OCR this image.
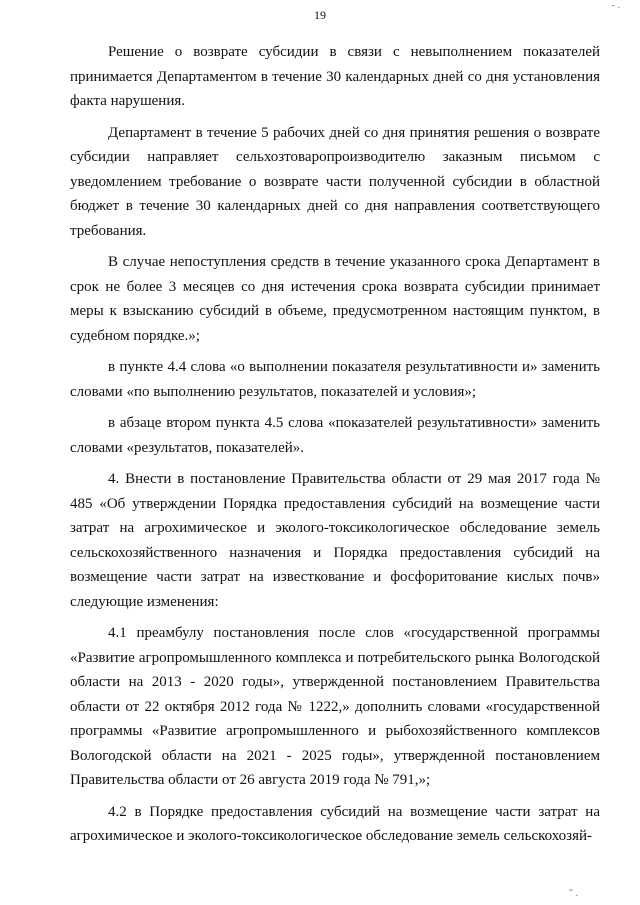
- .
19

Решение о возврате субсидии в связи с невыполнением показателей принимается Департаментом в течение 30 календарных дней со дня установления факта нарушения.

Департамент в течение 5 рабочих дней со дня принятия решения о возврате субсидии направляет сельхозтоваропроизводителю заказным письмом с уведомлением требование о возврате части полученной субсидии в областной бюджет в течение 30 календарных дней со дня направления соответствующего требования.

В случае непоступления средств в течение указанного срока Департамент в срок не более 3 месяцев со дня истечения срока возврата субсидии принимает меры к взысканию субсидий в объеме, предусмотренном настоящим пунктом, в судебном порядке.»;

в пункте 4.4 слова «о выполнении показателя результативности и» заменить словами «по выполнению результатов, показателей и условия»;

в абзаце втором пункта 4.5 слова «показателей результативности» заменить словами «результатов, показателей».

4. Внести в постановление Правительства области от 29 мая 2017 года № 485 «Об утверждении Порядка предоставления субсидий на возмещение части затрат на агрохимическое и эколого-токсикологическое обследование земель сельскохозяйственного назначения и Порядка предоставления субсидий на возмещение части затрат на известкование и фосфоритование кислых почв» следующие изменения:

4.1 преамбулу постановления после слов «государственной программы «Развитие агропромышленного комплекса и потребительского рынка Вологодской области на 2013 - 2020 годы», утвержденной постановлением Правительства области от 22 октября 2012 года № 1222,» дополнить словами «государственной программы «Развитие агропромышленного и рыбохозяйственного комплексов Вологодской области на 2021 - 2025 годы», утвержденной постановлением Правительства области от 26 августа 2019 года № 791,»;

4.2 в Порядке предоставления субсидий на возмещение части затрат на агрохимическое и эколого-токсикологическое обследование земель сельскохозяй-

" .
